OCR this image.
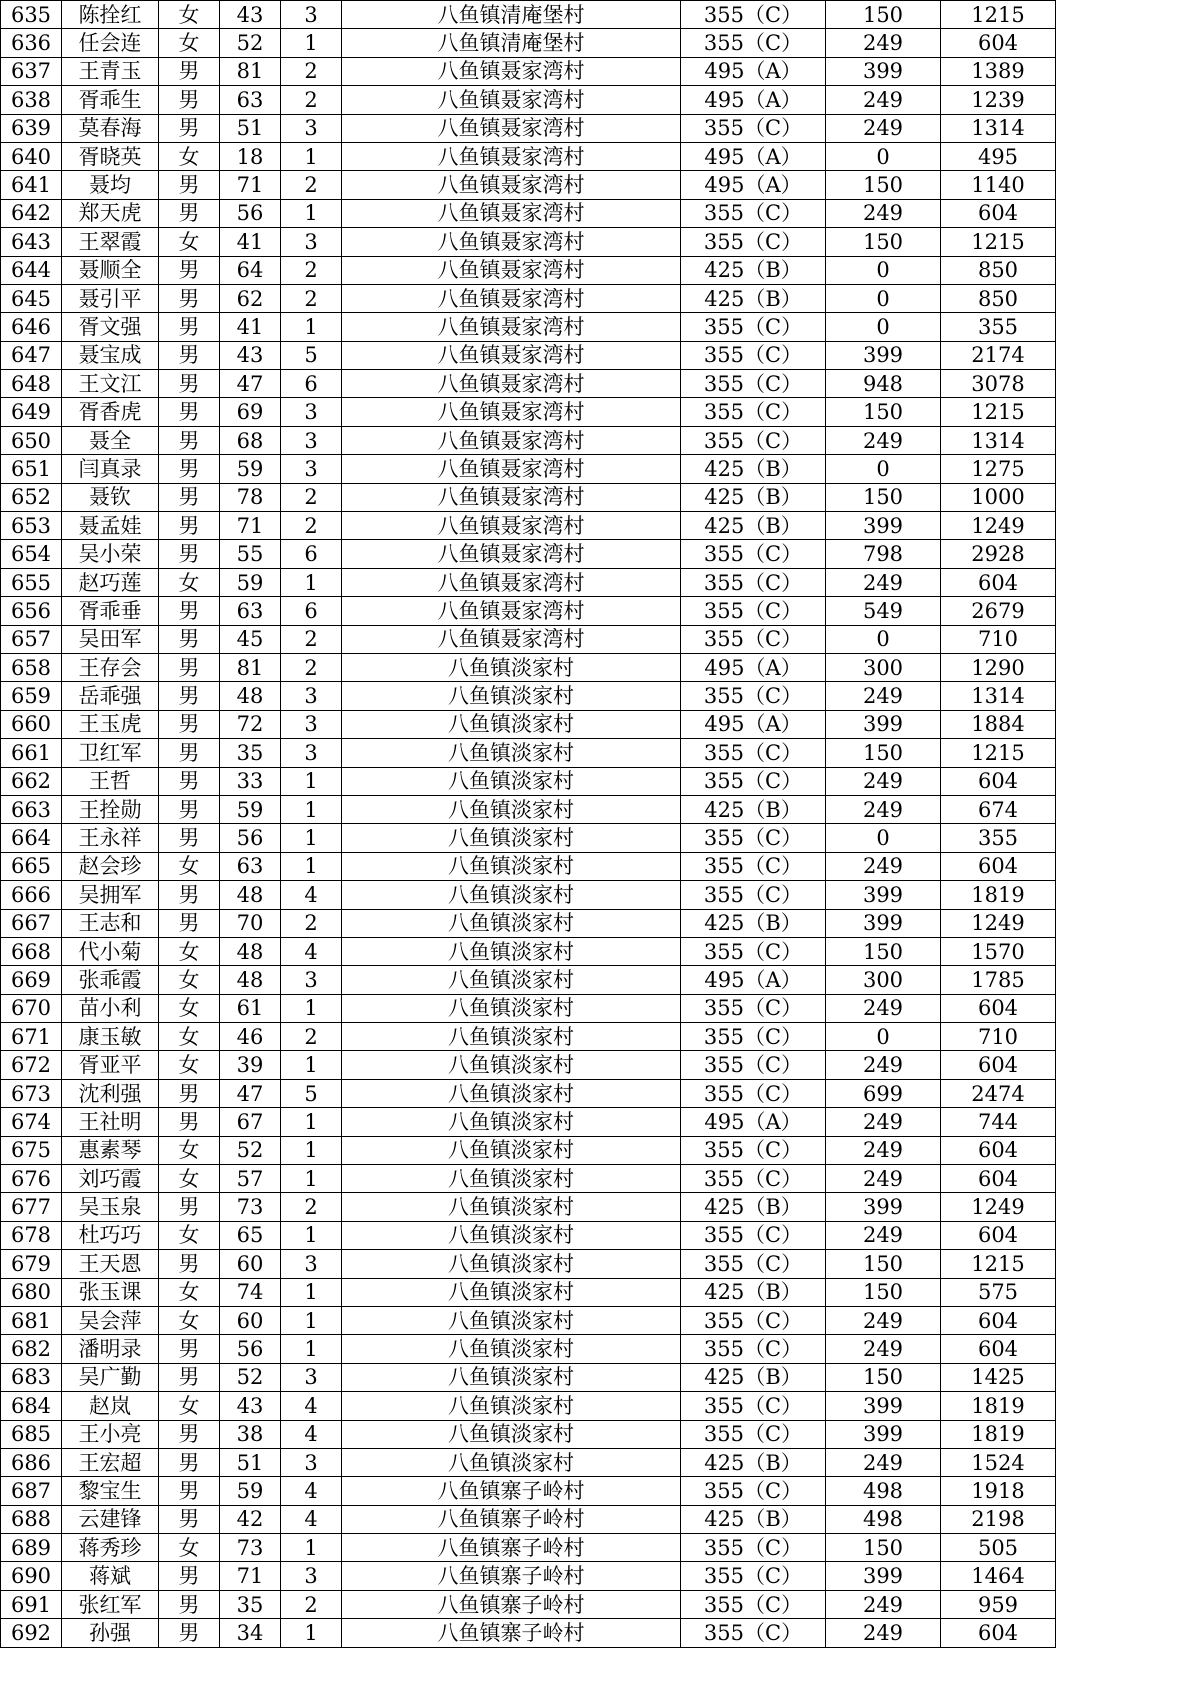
635	陈拴红	女	43	3	八鱼镇清庵堡村	355（C）	150	1215
636	任会连	女	52	1	八鱼镇清庵堡村	355（C）	249	604
637	王青玉	男	81	2	八鱼镇聂家湾村	495（A）	399	1389
638	胥乖生	男	63	2	八鱼镇聂家湾村	495（A）	249	1239
639	莫春海	男	51	3	八鱼镇聂家湾村	355（C）	249	1314
640	胥晓英	女	18	1	八鱼镇聂家湾村	495（A）	0	495
641	聂均	男	71	2	八鱼镇聂家湾村	495（A）	150	1140
642	郑天虎	男	56	1	八鱼镇聂家湾村	355（C）	249	604
643	王翠霞	女	41	3	八鱼镇聂家湾村	355（C）	150	1215
644	聂顺全	男	64	2	八鱼镇聂家湾村	425（B）	0	850
645	聂引平	男	62	2	八鱼镇聂家湾村	425（B）	0	850
646	胥文强	男	41	1	八鱼镇聂家湾村	355（C）	0	355
647	聂宝成	男	43	5	八鱼镇聂家湾村	355（C）	399	2174
648	王文江	男	47	6	八鱼镇聂家湾村	355（C）	948	3078
649	胥香虎	男	69	3	八鱼镇聂家湾村	355（C）	150	1215
650	聂全	男	68	3	八鱼镇聂家湾村	355（C）	249	1314
651	闫真录	男	59	3	八鱼镇聂家湾村	425（B）	0	1275
652	聂钦	男	78	2	八鱼镇聂家湾村	425（B）	150	1000
653	聂孟娃	男	71	2	八鱼镇聂家湾村	425（B）	399	1249
654	吴小荣	男	55	6	八鱼镇聂家湾村	355（C）	798	2928
655	赵巧莲	女	59	1	八鱼镇聂家湾村	355（C）	249	604
656	胥乖垂	男	63	6	八鱼镇聂家湾村	355（C）	549	2679
657	吴田军	男	45	2	八鱼镇聂家湾村	355（C）	0	710
658	王存会	男	81	2	八鱼镇淡家村	495（A）	300	1290
659	岳乖强	男	48	3	八鱼镇淡家村	355（C）	249	1314
660	王玉虎	男	72	3	八鱼镇淡家村	495（A）	399	1884
661	卫红军	男	35	3	八鱼镇淡家村	355（C）	150	1215
662	王哲	男	33	1	八鱼镇淡家村	355（C）	249	604
663	王拴勋	男	59	1	八鱼镇淡家村	425（B）	249	674
664	王永祥	男	56	1	八鱼镇淡家村	355（C）	0	355
665	赵会珍	女	63	1	八鱼镇淡家村	355（C）	249	604
666	吴拥军	男	48	4	八鱼镇淡家村	355（C）	399	1819
667	王志和	男	70	2	八鱼镇淡家村	425（B）	399	1249
668	代小菊	女	48	4	八鱼镇淡家村	355（C）	150	1570
669	张乖霞	女	48	3	八鱼镇淡家村	495（A）	300	1785
670	苗小利	女	61	1	八鱼镇淡家村	355（C）	249	604
671	康玉敏	女	46	2	八鱼镇淡家村	355（C）	0	710
672	胥亚平	女	39	1	八鱼镇淡家村	355（C）	249	604
673	沈利强	男	47	5	八鱼镇淡家村	355（C）	699	2474
674	王社明	男	67	1	八鱼镇淡家村	495（A）	249	744
675	惠素琴	女	52	1	八鱼镇淡家村	355（C）	249	604
676	刘巧霞	女	57	1	八鱼镇淡家村	355（C）	249	604
677	吴玉泉	男	73	2	八鱼镇淡家村	425（B）	399	1249
678	杜巧巧	女	65	1	八鱼镇淡家村	355（C）	249	604
679	王天恩	男	60	3	八鱼镇淡家村	355（C）	150	1215
680	张玉课	女	74	1	八鱼镇淡家村	425（B）	150	575
681	吴会萍	女	60	1	八鱼镇淡家村	355（C）	249	604
682	潘明录	男	56	1	八鱼镇淡家村	355（C）	249	604
683	吴广勤	男	52	3	八鱼镇淡家村	425（B）	150	1425
684	赵岚	女	43	4	八鱼镇淡家村	355（C）	399	1819
685	王小亮	男	38	4	八鱼镇淡家村	355（C）	399	1819
686	王宏超	男	51	3	八鱼镇淡家村	425（B）	249	1524
687	黎宝生	男	59	4	八鱼镇寨子岭村	355（C）	498	1918
688	云建锋	男	42	4	八鱼镇寨子岭村	425（B）	498	2198
689	蒋秀珍	女	73	1	八鱼镇寨子岭村	355（C）	150	505
690	蒋斌	男	71	3	八鱼镇寨子岭村	355（C）	399	1464
691	张红军	男	35	2	八鱼镇寨子岭村	355（C）	249	959
692	孙强	男	34	1	八鱼镇寨子岭村	355（C）	249	604
